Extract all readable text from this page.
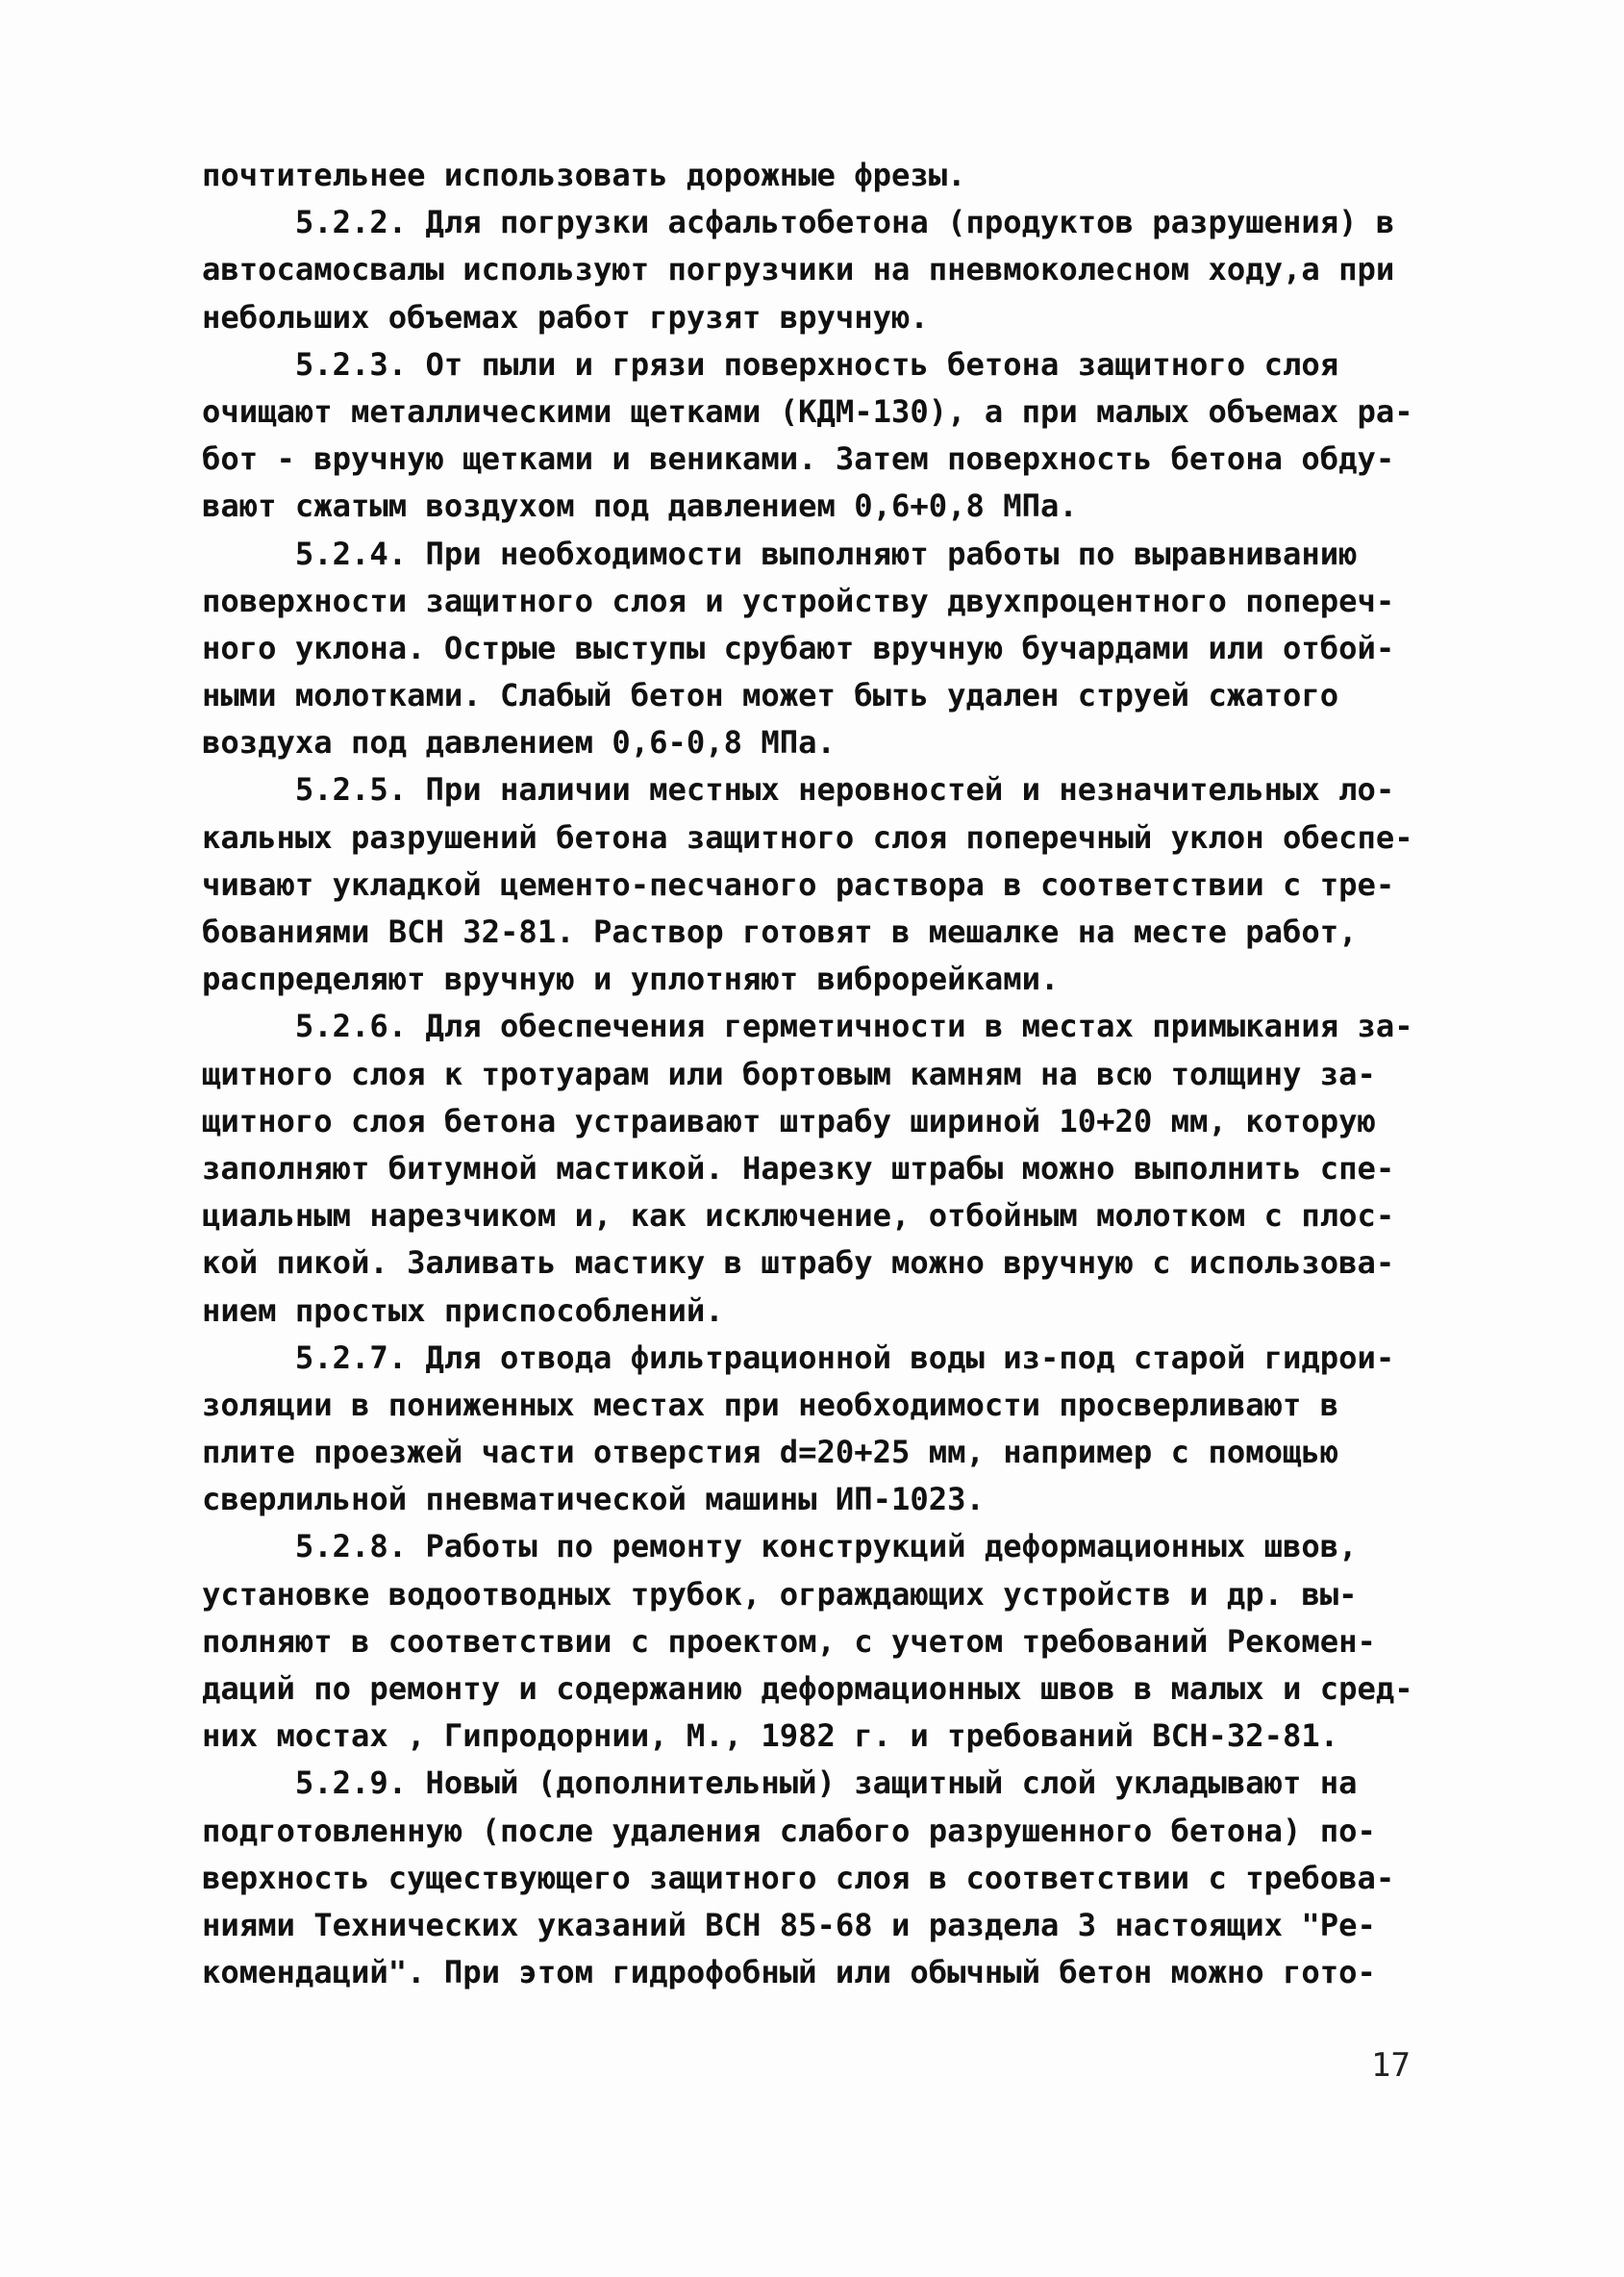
почтительнее использовать дорожные фрезы.
5.2.2. Для погрузки асфальтобетона (продуктов разрушения) в
автосамосвалы используют погрузчики на пневмоколесном ходу,а при
небольших объемах работ грузят вручную.
5.2.3. От пыли и грязи поверхность бетона защитного слоя
очищают металлическими щетками (КДМ-130), а при малых объемах ра-
бот - вручную щетками и вениками. Затем поверхность бетона обду-
вают сжатым воздухом под давлением 0,6+0,8 МПа.
5.2.4. При необходимости выполняют работы по выравниванию
поверхности защитного слоя и устройству двухпроцентного попереч-
ного уклона. Острые выступы срубают вручную бучардами или отбой-
ными молотками. Слабый бетон может быть удален струей сжатого
воздуха под давлением 0,6-0,8 МПа.
5.2.5. При наличии местных неровностей и незначительных ло-
кальных разрушений бетона защитного слоя поперечный уклон обеспе-
чивают укладкой цементо-песчаного раствора в соответствии с тре-
бованиями ВСН 32-81. Раствор готовят в мешалке на месте работ,
распределяют вручную и уплотняют виброрейками.
5.2.6. Для обеспечения герметичности в местах примыкания за-
щитного слоя к тротуарам или бортовым камням на всю толщину за-
щитного слоя бетона устраивают штрабу шириной 10+20 мм, которую
заполняют битумной мастикой. Нарезку штрабы можно выполнить спе-
циальным нарезчиком и, как исключение, отбойным молотком с плос-
кой пикой. Заливать мастику в штрабу можно вручную с использова-
нием простых приспособлений.
5.2.7. Для отвода фильтрационной воды из-под старой гидрои-
золяции в пониженных местах при необходимости просверливают в
плите проезжей части отверстия d=20+25 мм, например с помощью
сверлильной пневматической машины ИП-1023.
5.2.8. Работы по ремонту конструкций деформационных швов,
установке водоотводных трубок, ограждающих устройств и др. вы-
полняют в соответствии с проектом, с учетом требований Рекомен-
даций по ремонту и содержанию деформационных швов в малых и сред-
них мостах , Гипродорнии, М., 1982 г. и требований ВСН-32-81.
5.2.9. Новый (дополнительный) защитный слой укладывают на
подготовленную (после удаления слабого разрушенного бетона) по-
верхность существующего защитного слоя в соответствии с требова-
ниями Технических указаний ВСН 85-68 и раздела 3 настоящих "Ре-
комендаций". При этом гидрофобный или обычный бетон можно гото-
17
